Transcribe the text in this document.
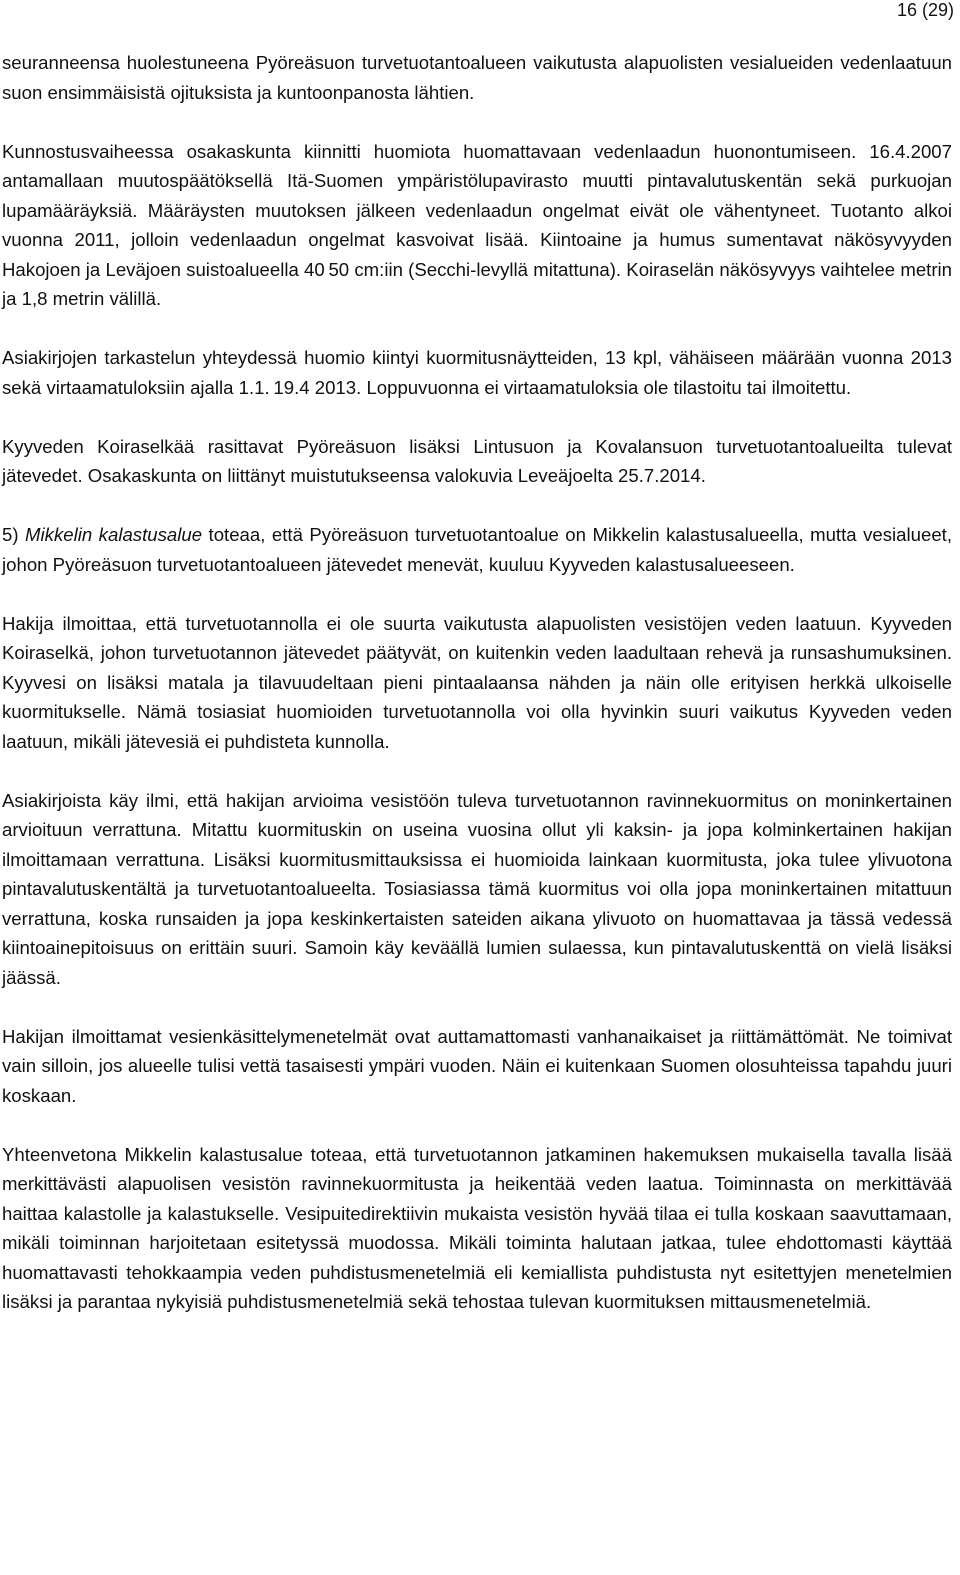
16 (29)

seuranneensa huolestuneena Pyöreäsuon turvetuotantoalueen vaikutusta alapuolisten vesialueiden vedenlaatuun suon ensimmäisistä ojituksista ja kuntoonpanosta lähtien.

Kunnostusvaiheessa osakaskunta kiinnitti huomiota huomattavaan vedenlaadun huonontumiseen. 16.4.2007 antamallaan muutospäätöksellä Itä-Suomen ympäristölupavirasto muutti pintavalutuskentän sekä purkuojan lupamääräyksiä. Määräysten muutoksen jälkeen vedenlaadun ongelmat eivät ole vähentyneet. Tuotanto alkoi vuonna 2011, jolloin vedenlaadun ongelmat kasvoivat lisää. Kiintoaine ja humus sumentavat näkösyvyyden Hakojoen ja Leväjoen suistoalueella 40 50 cm:iin (Secchi-levyllä mitattuna). Koiraselän näkösyvyys vaihtelee metrin ja 1,8 metrin välillä.

Asiakirjojen tarkastelun yhteydessä huomio kiintyi kuormitusnäytteiden, 13 kpl, vähäiseen määrään vuonna 2013 sekä virtaamatuloksiin ajalla 1.1. 19.4 2013. Loppuvuonna ei virtaamatuloksia ole tilastoitu tai ilmoitettu.

Kyyveden Koiraselkää rasittavat Pyöreäsuon lisäksi Lintusuon ja Kovalansuon turvetuotantoalueilta tulevat jätevedet. Osakaskunta on liittänyt muistutukseensa valokuvia Leveäjoelta 25.7.2014.

5) Mikkelin kalastusalue toteaa, että Pyöreäsuon turvetuotantoalue on Mikkelin kalastusalueella, mutta vesialueet, johon Pyöreäsuon turvetuotantoalueen jätevedet menevät, kuuluu Kyyveden kalastusalueeseen.

Hakija ilmoittaa, että turvetuotannolla ei ole suurta vaikutusta alapuolisten vesistöjen veden laatuun. Kyyveden Koiraselkä, johon turvetuotannon jätevedet päätyvät, on kuitenkin veden laadultaan rehevä ja runsashumuksinen. Kyyvesi on lisäksi matala ja tilavuudeltaan pieni pintaalaansa nähden ja näin olle erityisen herkkä ulkoiselle kuormitukselle. Nämä tosiasiat huomioiden turvetuotannolla voi olla hyvinkin suuri vaikutus Kyyveden veden laatuun, mikäli jätevesiä ei puhdisteta kunnolla.

Asiakirjoista käy ilmi, että hakijan arvioima vesistöön tuleva turvetuotannon ravinnekuormitus on moninkertainen arvioituun verrattuna. Mitattu kuormituskin on useina vuosina ollut yli kaksin- ja jopa kolminkertainen hakijan ilmoittamaan verrattuna. Lisäksi kuormitusmittauksissa ei huomioida lainkaan kuormitusta, joka tulee ylivuotona pintavalutuskentältä ja turvetuotantoalueelta. Tosiasiassa tämä kuormitus voi olla jopa moninkertainen mitattuun verrattuna, koska runsaiden ja jopa keskinkertaisten sateiden aikana ylivuoto on huomattavaa ja tässä vedessä kiintoainepitoisuus on erittäin suuri. Samoin käy keväällä lumien sulaessa, kun pintavalutuskenttä on vielä lisäksi jäässä.

Hakijan ilmoittamat vesienkäsittelymenetelmät ovat auttamattomasti vanhanaikaiset ja riittämättömät. Ne toimivat vain silloin, jos alueelle tulisi vettä tasaisesti ympäri vuoden. Näin ei kuitenkaan Suomen olosuhteissa tapahdu juuri koskaan.

Yhteenvetona Mikkelin kalastusalue toteaa, että turvetuotannon jatkaminen hakemuksen mukaisella tavalla lisää merkittävästi alapuolisen vesistön ravinnekuormitusta ja heikentää veden laatua. Toiminnasta on merkittävää haittaa kalastolle ja kalastukselle. Vesipuitedirektiivin mukaista vesistön hyvää tilaa ei tulla koskaan saavuttamaan, mikäli toiminnan harjoitetaan esitetyssä muodossa. Mikäli toiminta halutaan jatkaa, tulee ehdottomasti käyttää huomattavasti tehokkaampia veden puhdistusmenetelmiä eli kemiallista puhdistusta nyt esitettyjen menetelmien lisäksi ja parantaa nykyisiä puhdistusmenetelmiä sekä tehostaa tulevan kuormituksen mittausmenetelmiä.
